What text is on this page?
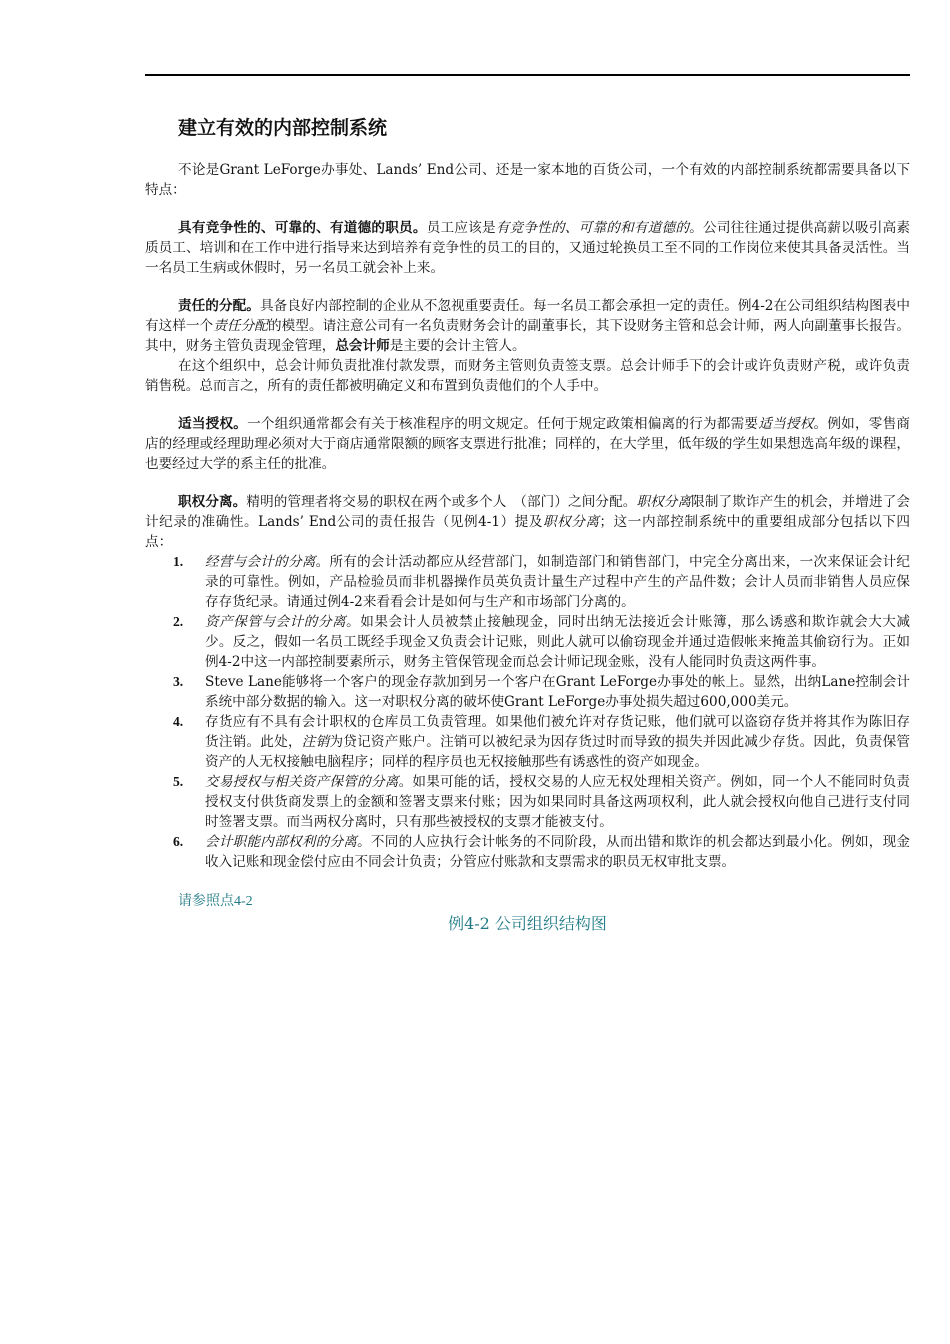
建立有效的内部控制系统

不论是Grant LeForge办事处、Lands’ End公司、还是一家本地的百货公司，一个有效的内部控制系统都需要具备以下特点：

具有竞争性的、可靠的、有道德的职员。员工应该是有竞争性的、可靠的和有道德的。公司往往通过提供高薪以吸引高素质员工、培训和在工作中进行指导来达到培养有竞争性的员工的目的，又通过轮换员工至不同的工作岗位来使其具备灵活性。当一名员工生病或休假时，另一名员工就会补上来。

责任的分配。具备良好内部控制的企业从不忽视重要责任。每一名员工都会承担一定的责任。例4-2在公司组织结构图表中有这样一个责任分配的模型。请注意公司有一名负责财务会计的副董事长，其下设财务主管和总会计师，两人向副董事长报告。其中，财务主管负责现金管理，总会计师是主要的会计主管人。

在这个组织中，总会计师负责批准付款发票，而财务主管则负责签支票。总会计师手下的会计或许负责财产税，或许负责销售税。总而言之，所有的责任都被明确定义和布置到负责他们的个人手中。

适当授权。一个组织通常都会有关于核准程序的明文规定。任何于规定政策相偏离的行为都需要适当授权。例如，零售商店的经理或经理助理必须对大于商店通常限额的顾客支票进行批准；同样的，在大学里，低年级的学生如果想选高年级的课程，也要经过大学的系主任的批准。

职权分离。精明的管理者将交易的职权在两个或多个人　（部门）之间分配。职权分离限制了欺诈产生的机会，并增进了会计纪录的准确性。Lands’ End公司的责任报告（见例4-1）提及职权分离；这一内部控制系统中的重要组成部分包括以下四点：

1. 经营与会计的分离。所有的会计活动都应从经营部门，如制造部门和销售部门，中完全分离出来，一次来保证会计纪录的可靠性。例如，产品检验员而非机器操作员英负责计量生产过程中产生的产品件数；会计人员而非销售人员应保存存货纪录。请通过例4-2来看看会计是如何与生产和市场部门分离的。
2. 资产保管与会计的分离。如果会计人员被禁止接触现金，同时出纳无法接近会计账簿，那么诱惑和欺诈就会大大减少。反之，假如一名员工既经手现金又负责会计记账，则此人就可以偷窃现金并通过造假帐来掩盖其偷窃行为。正如例4-2中这一内部控制要素所示，财务主管保管现金而总会计师记现金账，没有人能同时负责这两件事。
3. Steve Lane能够将一个客户的现金存款加到另一个客户在Grant LeForge办事处的帐上。显然，出纳Lane控制会计系统中部分数据的输入。这一对职权分离的破坏使Grant LeForge办事处损失超过600,000美元。
4. 存货应有不具有会计职权的仓库员工负责管理。如果他们被允许对存货记账，他们就可以盗窃存货并将其作为陈旧存货注销。此处，注销为贷记资产账户。注销可以被纪录为因存货过时而导致的损失并因此减少存货。因此，负责保管资产的人无权接触电脑程序；同样的程序员也无权接触那些有诱惑性的资产如现金。
5. 交易授权与相关资产保管的分离。如果可能的话，授权交易的人应无权处理相关资产。例如，同一个人不能同时负责授权支付供货商发票上的金额和签署支票来付账；因为如果同时具备这两项权利，此人就会授权向他自己进行支付同时签署支票。而当两权分离时，只有那些被授权的支票才能被支付。
6. 会计职能内部权利的分离。不同的人应执行会计帐务的不同阶段，从而出错和欺诈的机会都达到最小化。例如，现金收入记账和现金偿付应由不同会计负责；分管应付账款和支票需求的职员无权审批支票。
请参照点4-2
例4-2 公司组织结构图
